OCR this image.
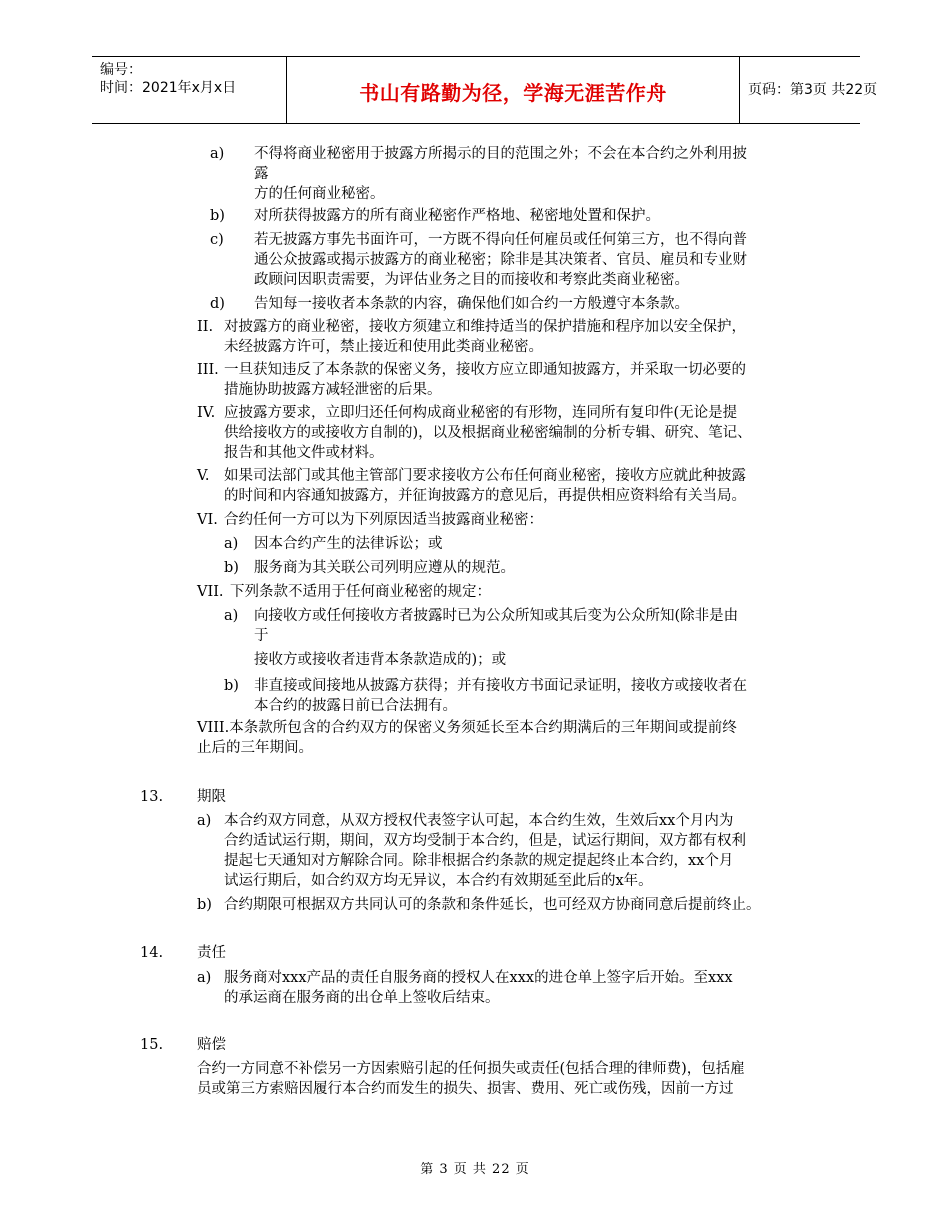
编号：
时间：2021年x月x日	书山有路勤为径，学海无涯苦作舟	页码：第3页 共22页
a) 不得将商业秘密用于披露方所揭示的目的范围之外；不会在本合约之外利用披
露
方的任何商业秘密。
b) 对所获得披露方的所有商业秘密作严格地、秘密地处置和保护。
c) 若无披露方事先书面许可，一方既不得向任何雇员或任何第三方，也不得向普
通公众披露或揭示披露方的商业秘密；除非是其决策者、官员、雇员和专业财
政顾问因职责需要，为评估业务之目的而接收和考察此类商业秘密。
d) 告知每一接收者本条款的内容，确保他们如合约一方般遵守本条款。
II. 对披露方的商业秘密，接收方须建立和维持适当的保护措施和程序加以安全保护，
未经披露方许可，禁止接近和使用此类商业秘密。
III. 一旦获知违反了本条款的保密义务，接收方应立即通知披露方，并采取一切必要的
措施协助披露方减轻泄密的后果。
IV. 应披露方要求，立即归还任何构成商业秘密的有形物，连同所有复印件(无论是提
供给接收方的或接收方自制的)，以及根据商业秘密编制的分析专辑、研究、笔记、
报告和其他文件或材料。
V. 如果司法部门或其他主管部门要求接收方公布任何商业秘密，接收方应就此种披露
的时间和内容通知披露方，并征询披露方的意见后，再提供相应资料给有关当局。
VI. 合约任何一方可以为下列原因适当披露商业秘密：
a) 因本合约产生的法律诉讼；或
b) 服务商为其关联公司列明应遵从的规范。
VII. 下列条款不适用于任何商业秘密的规定：
a) 向接收方或任何接收方者披露时已为公众所知或其后变为公众所知(除非是由
于
接收方或接收者违背本条款造成的)；或
b) 非直接或间接地从披露方获得；并有接收方书面记录证明，接收方或接收者在
本合约的披露日前已合法拥有。
VIII.本条款所包含的合约双方的保密义务须延长至本合约期满后的三年期间或提前终
止后的三年期间。
13. 期限
a) 本合约双方同意，从双方授权代表签字认可起，本合约生效，生效后xx个月内为
合约适试运行期，期间，双方均受制于本合约，但是，试运行期间，双方都有权利
提起七天通知对方解除合同。除非根据合约条款的规定提起终止本合约，xx个月
试运行期后，如合约双方均无异议，本合约有效期延至此后的x年。
b) 合约期限可根据双方共同认可的条款和条件延长，也可经双方协商同意后提前终止。
14. 责任
a) 服务商对xxx产品的责任自服务商的授权人在xxx的进仓单上签字后开始。至xxx
的承运商在服务商的出仓单上签收后结束。
15. 赔偿
合约一方同意不补偿另一方因索赔引起的任何损失或责任(包括合理的律师费)，包括雇
员或第三方索赔因履行本合约而发生的损失、损害、费用、死亡或伤残，因前一方过
第 3 页 共 22 页
